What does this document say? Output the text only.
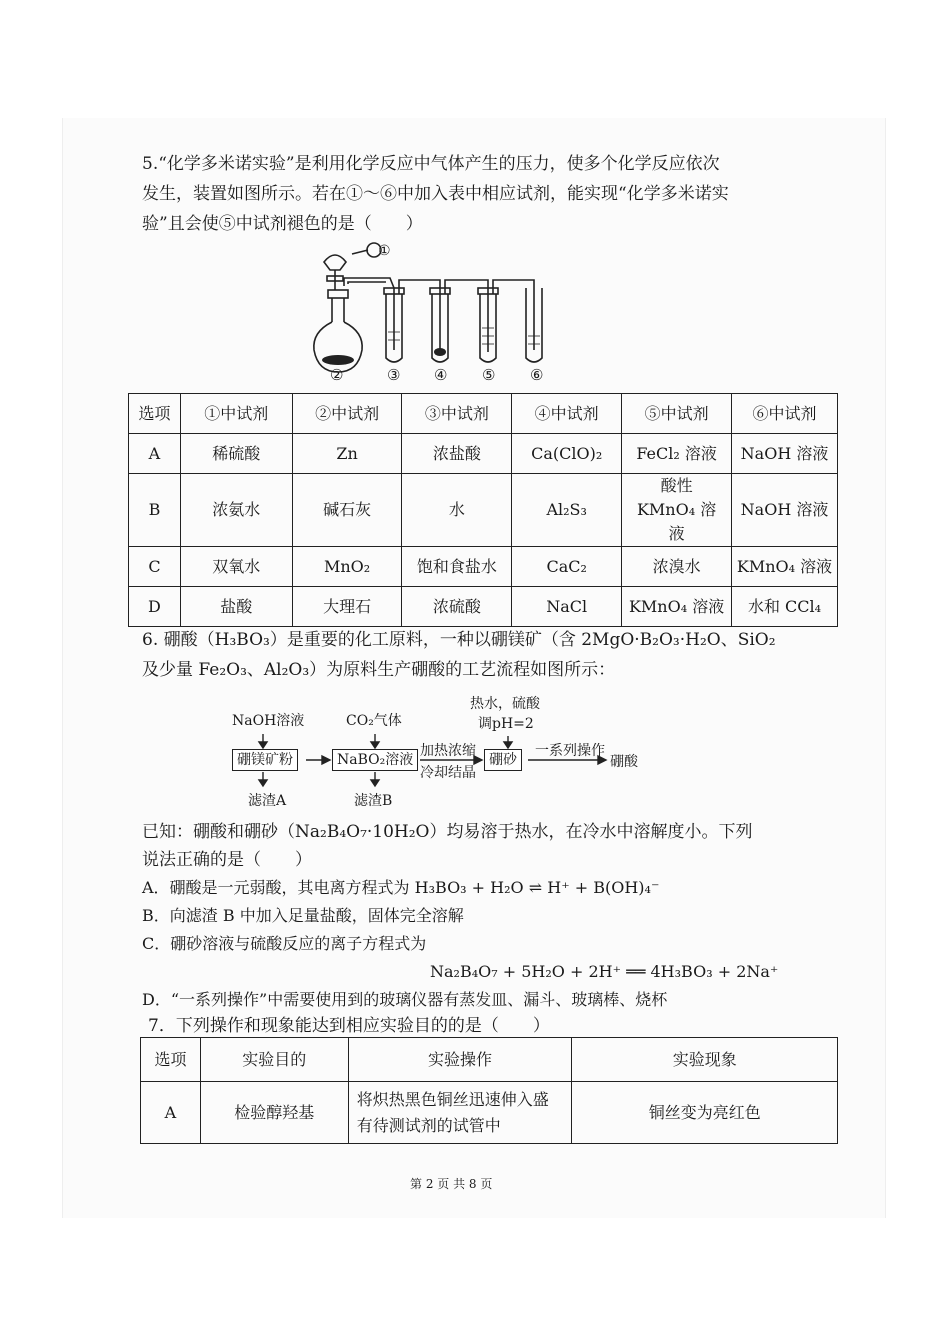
5.“化学多米诺实验”是利用化学反应中气体产生的压力，使多个化学反应依次
发生，装置如图所示。若在①～⑥中加入表中相应试剂，能实现“化学多米诺实
验”且会使⑤中试剂褪色的是（　　）
①
②	③ ④ ⑤ ⑥
选项	①中试剂	②中试剂	③中试剂	④中试剂	⑤中试剂	⑥中试剂
A	稀硫酸	Zn	浓盐酸	Ca(ClO)₂	FeCl₂ 溶液	NaOH 溶液
B	浓氨水	碱石灰	水	Al₂S₃	酸性 KMnO₄ 溶液	NaOH 溶液
C	双氧水	MnO₂	饱和食盐水	CaC₂	浓溴水	KMnO₄ 溶液
D	盐酸	大理石	浓硫酸	NaCl	KMnO₄ 溶液	水和 CCl₄
6. 硼酸（H₃BO₃）是重要的化工原料，一种以硼镁矿（含 2MgO·B₂O₃·H₂O、SiO₂
及少量 Fe₂O₃、Al₂O₃）为原料生产硼酸的工艺流程如图所示：
NaOH溶液	CO₂气体
热水，硫酸
调pH=2
硼镁矿粉	NaBO₂溶液	硼砂
加热浓缩
冷却结晶
一系列操作
硼酸
滤渣A	滤渣B
已知：硼酸和硼砂（Na₂B₄O₇·10H₂O）均易溶于热水，在冷水中溶解度小。下列
说法正确的是（　　）
A．硼酸是一元弱酸，其电离方程式为 H₃BO₃ + H₂O ⇌ H⁺ + B(OH)₄⁻
B．向滤渣 B 中加入足量盐酸，固体完全溶解
C．硼砂溶液与硫酸反应的离子方程式为
Na₂B₄O₇ + 5H₂O + 2H⁺ ══ 4H₃BO₃ + 2Na⁺
D．“一系列操作”中需要使用到的玻璃仪器有蒸发皿、漏斗、玻璃棒、烧杯
7．下列操作和现象能达到相应实验目的的是（　　）
选项	实验目的	实验操作	实验现象
A	检验醇羟基	将炽热黑色铜丝迅速伸入盛有待测试剂的试管中	铜丝变为亮红色
第 2 页 共 8 页
